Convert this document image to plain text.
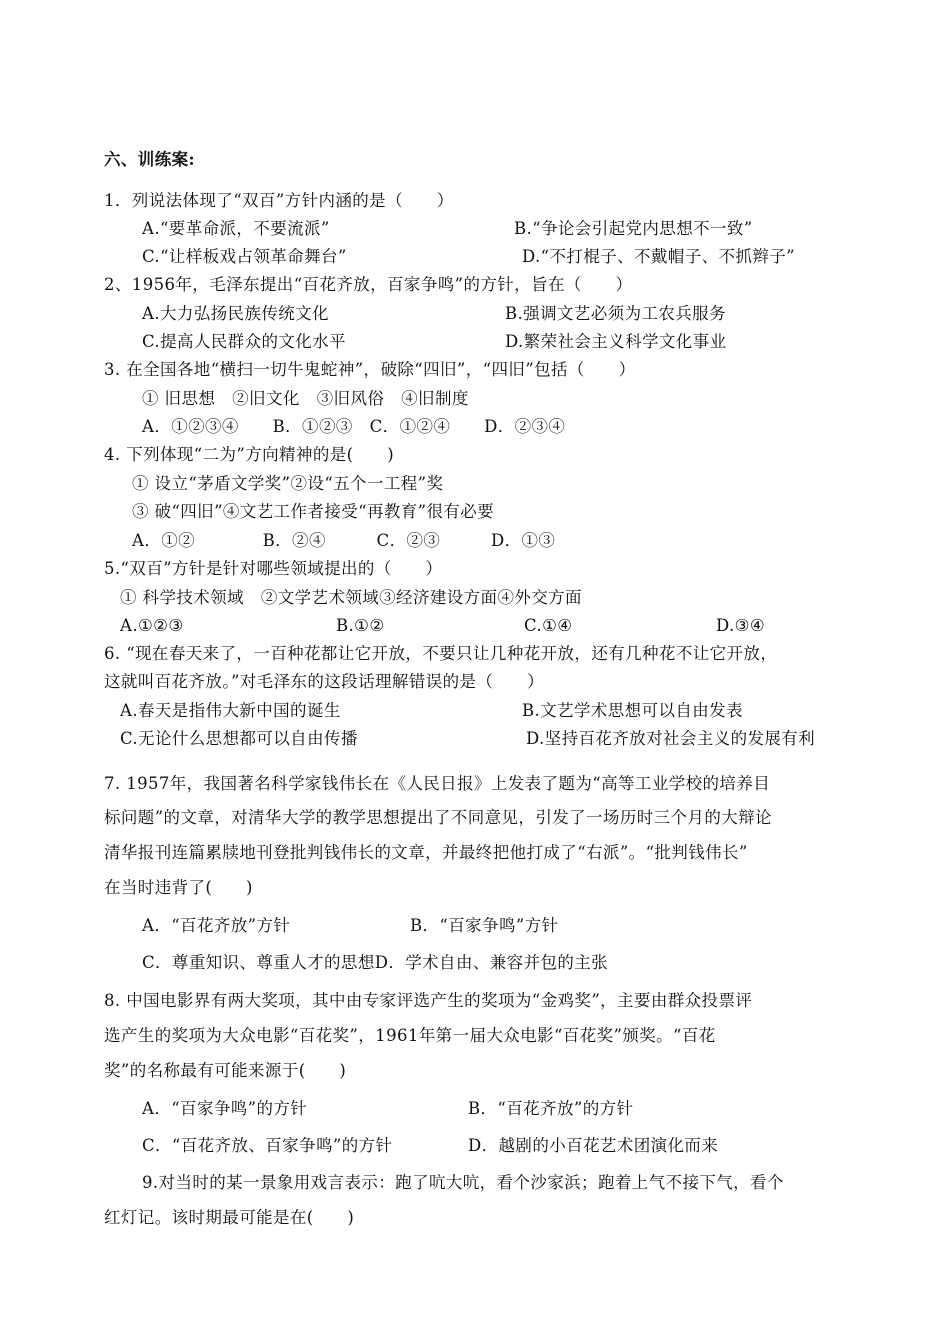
六、训练案:
1．列说法体现了“双百”方针内涵的是（　　）
A.“要革命派，不要流派”	B.“争论会引起党内思想不一致”
C.“让样板戏占领革命舞台”	D.“不打棍子、不戴帽子、不抓辫子”
2、1956年，毛泽东提出“百花齐放，百家争鸣”的方针，旨在（　　）
A.大力弘扬民族传统文化	B.强调文艺必须为工农兵服务
C.提高人民群众的文化水平	D.繁荣社会主义科学文化事业
3. 在全国各地“横扫一切牛鬼蛇神”，破除“四旧”，“四旧”包括（　　）
① 旧思想　②旧文化　③旧风俗　④旧制度
A．①②③④　　B．①②③　C．①②④　　D．②③④
4. 下列体现“二为”方向精神的是(　　)
① 设立“茅盾文学奖”②设“五个一工程”奖
③ 破“四旧”④文艺工作者接受“再教育”很有必要
A．①②　　　　B．②④　　　C．②③　　　D．①③
5.“双百”方针是针对哪些领域提出的（　　）
① 科学技术领域　②文学艺术领域③经济建设方面④外交方面
A.①②③	B.①②	C.①④	D.③④
6. “现在春天来了，一百种花都让它开放，不要只让几种花开放，还有几种花不让它开放，
这就叫百花齐放。”对毛泽东的这段话理解错误的是（　　）
A.春天是指伟大新中国的诞生	B.文艺学术思想可以自由发表
C.无论什么思想都可以自由传播	D.坚持百花齐放对社会主义的发展有利
7. 1957年，我国著名科学家钱伟长在《人民日报》上发表了题为“高等工业学校的培养目
标问题”的文章，对清华大学的教学思想提出了不同意见，引发了一场历时三个月的大辩论
清华报刊连篇累牍地刊登批判钱伟长的文章，并最终把他打成了“右派”。“批判钱伟长”
在当时违背了(　　)
A．“百花齐放”方针	B．“百家争鸣”方针
C．尊重知识、尊重人才的思想D．学术自由、兼容并包的主张
8. 中国电影界有两大奖项，其中由专家评选产生的奖项为“金鸡奖”，主要由群众投票评
选产生的奖项为大众电影“百花奖”，1961年第一届大众电影“百花奖”颁奖。“百花
奖”的名称最有可能来源于(　　)
A．“百家争鸣”的方针	B．“百花齐放”的方针
C．“百花齐放、百家争鸣”的方针	D．越剧的小百花艺术团演化而来
9.对当时的某一景象用戏言表示：跑了吭大吭，看个沙家浜；跑着上气不接下气，看个
红灯记。该时期最可能是在(　　)
